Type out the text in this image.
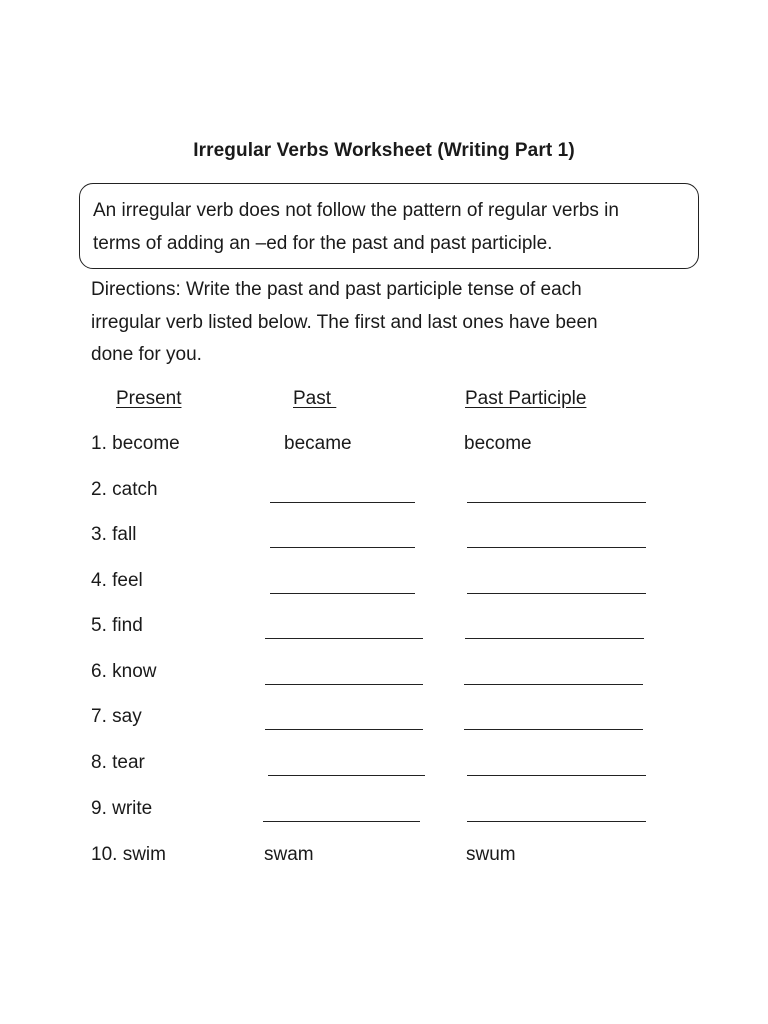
Irregular Verbs Worksheet (Writing Part 1)
An irregular verb does not follow the pattern of regular verbs in
terms of adding an –ed for the past and past participle.
Directions: Write the past and past participle tense of each
irregular verb listed below. The first and last ones have been
done for you.
Present	Past	Past Participle
1. become	became	become
2. catch
3. fall
4. feel
5. find
6. know
7. say
8. tear
9. write
10. swim	swam	swum
